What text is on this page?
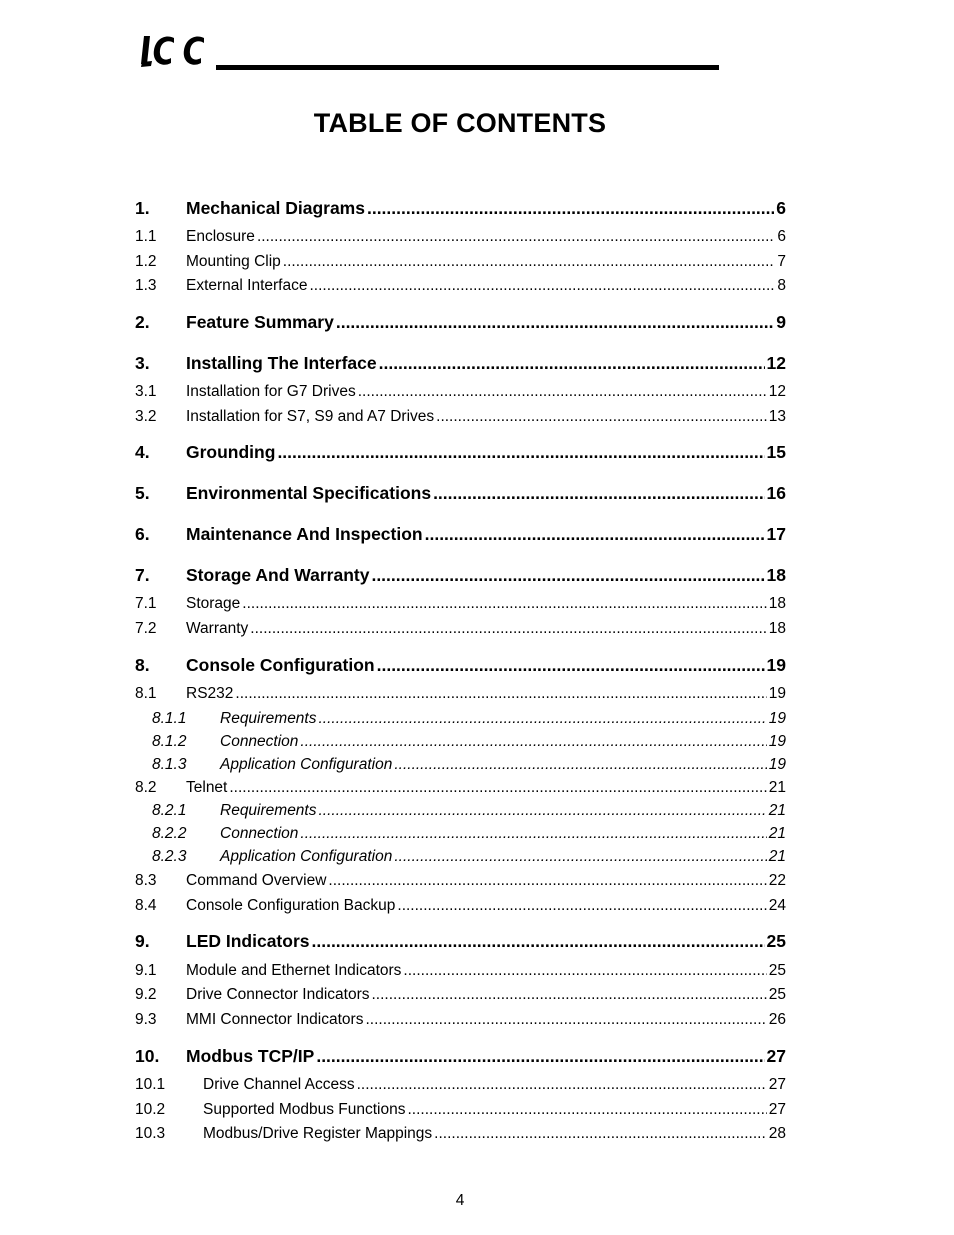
TABLE OF CONTENTS
1.	Mechanical Diagrams .....	6
1.1	Enclosure .....	6
1.2	Mounting Clip .....	7
1.3	External Interface .....	8
2.	Feature Summary .....	9
3.	Installing The Interface .....	12
3.1	Installation for G7 Drives .....	12
3.2	Installation for S7, S9 and A7 Drives .....	13
4.	Grounding .....	15
5.	Environmental Specifications .....	16
6.	Maintenance And Inspection .....	17
7.	Storage And Warranty .....	18
7.1	Storage .....	18
7.2	Warranty .....	18
8.	Console Configuration .....	19
8.1	RS232 .....	19
8.1.1	Requirements .....	19
8.1.2	Connection .....	19
8.1.3	Application Configuration .....	19
8.2	Telnet .....	21
8.2.1	Requirements .....	21
8.2.2	Connection .....	21
8.2.3	Application Configuration .....	21
8.3	Command Overview .....	22
8.4	Console Configuration Backup .....	24
9.	LED Indicators .....	25
9.1	Module and Ethernet Indicators .....	25
9.2	Drive Connector Indicators .....	25
9.3	MMI Connector Indicators .....	26
10.	Modbus TCP/IP .....	27
10.1	Drive Channel Access .....	27
10.2	Supported Modbus Functions .....	27
10.3	Modbus/Drive Register Mappings .....	28
4
